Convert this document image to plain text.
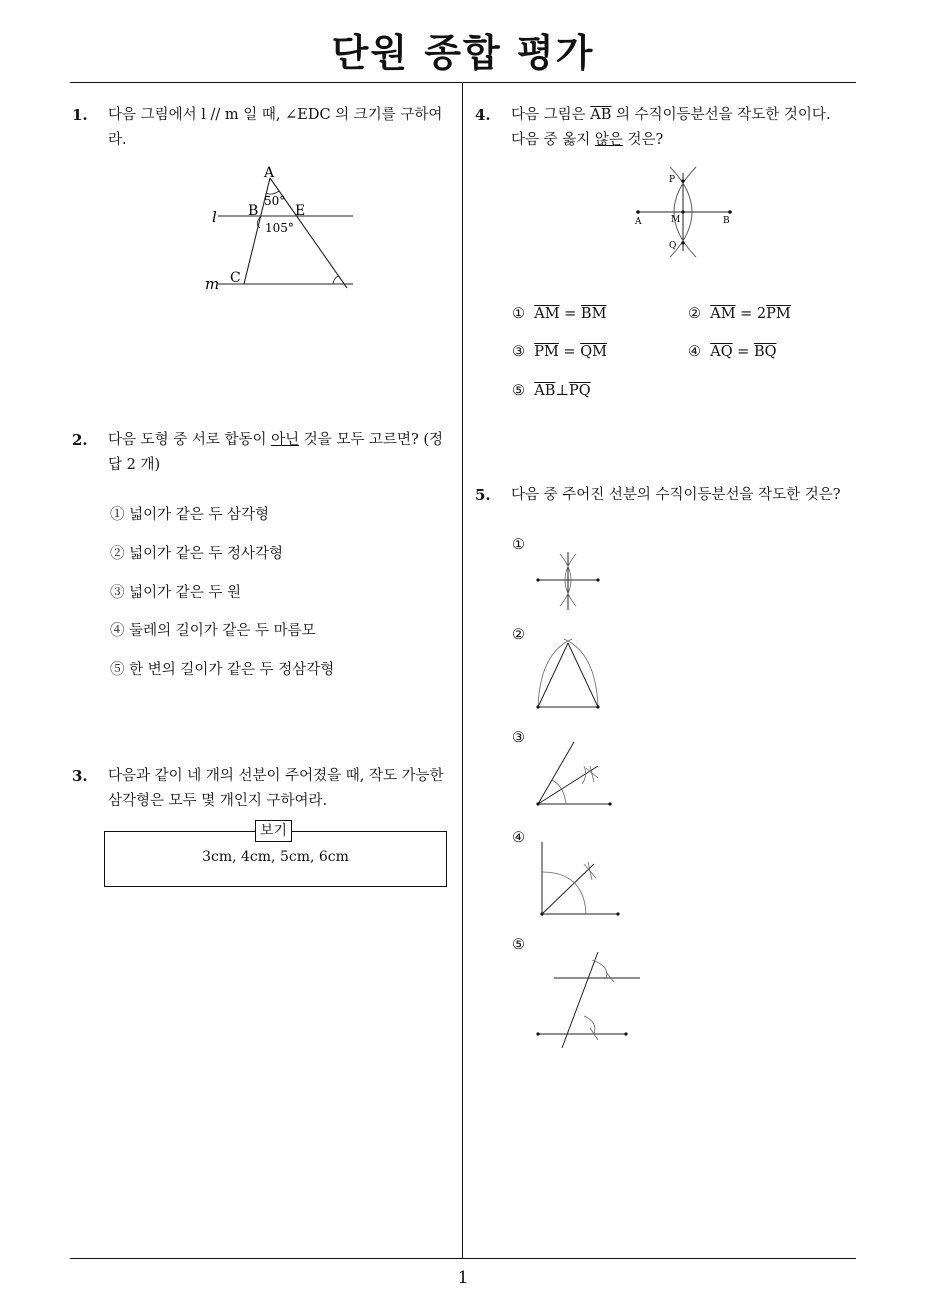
단원 종합 평가
1. 다음 그림에서 l // m 일 때, ∠EDC 의 크기를 구하여
라.
A
B	E
C
l
m
50°
105°
2. 다음 도형 중 서로 합동이 아닌 것을 모두 고르면? (정
답 2 개)
① 넓이가 같은 두 삼각형
② 넓이가 같은 두 정사각형
③ 넓이가 같은 두 원
④ 둘레의 길이가 같은 두 마름모
⑤ 한 변의 길이가 같은 두 정삼각형
3. 다음과 같이 네 개의 선분이 주어졌을 때, 작도 가능한
삼각형은 모두 몇 개인지 구하여라.
보기
3cm, 4cm, 5cm, 6cm
4. 다음 그림은 $\overline{AB}$ 의 수직이등분선을 작도한 것이다.
다음 중 옳지 않은 것은?
P
A	M	B
Q
① $\overline{AM} = \overline{BM}$	② $\overline{AM} = 2\overline{PM}$
③ $\overline{PM} = \overline{QM}$	④ $\overline{AQ} = \overline{BQ}$
⑤ $\overline{AB}\perp\overline{PQ}$
5. 다음 중 주어진 선분의 수직이등분선을 작도한 것은?
①
②
③
④
⑤
1
